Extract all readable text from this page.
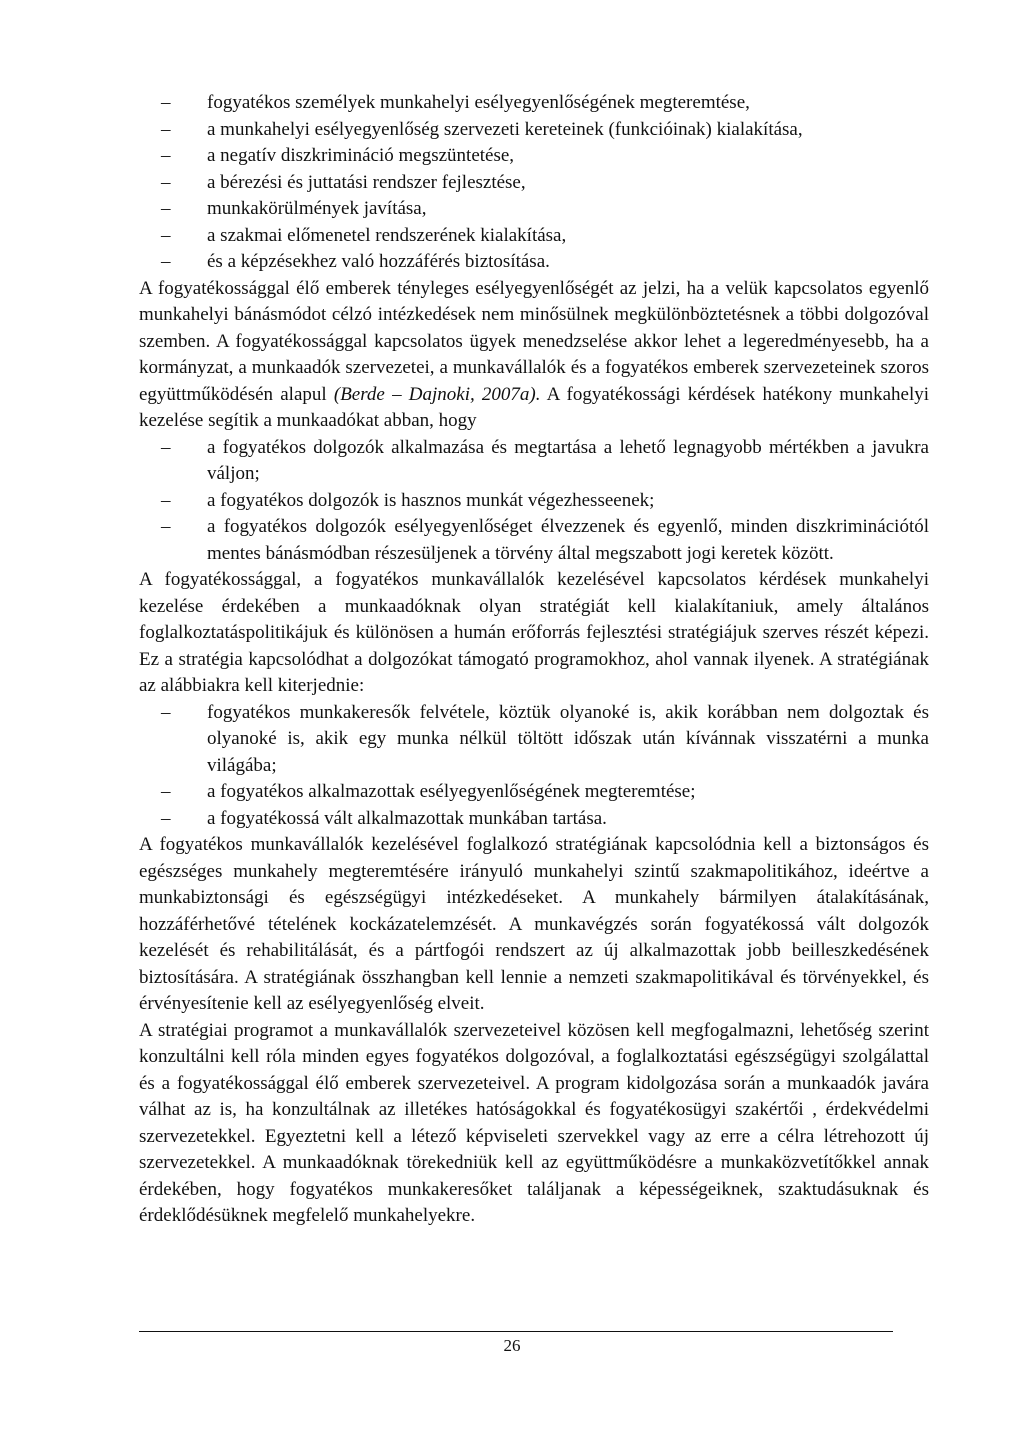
– fogyatékos személyek munkahelyi esélyegyenlőségének megteremtése,
– a munkahelyi esélyegyenlőség szervezeti kereteinek (funkcióinak) kialakítása,
– a negatív diszkrimináció megszüntetése,
– a bérezési és juttatási rendszer fejlesztése,
– munkakörülmények javítása,
– a szakmai előmenetel rendszerének kialakítása,
– és a képzésekhez való hozzáférés biztosítása.

A fogyatékossággal élő emberek tényleges esélyegyenlőségét az jelzi, ha a velük kapcsolatos egyenlő munkahelyi bánásmódot célzó intézkedések nem minősülnek megkülönböztetésnek a többi dolgozóval szemben. A fogyatékossággal kapcsolatos ügyek menedzselése akkor lehet a legeredményesebb, ha a kormányzat, a munkaadók szervezetei, a munkavállalók és a fogyatékos emberek szervezeteinek szoros együttműködésén alapul (Berde – Dajnoki, 2007a). A fogyatékossági kérdések hatékony munkahelyi kezelése segítik a munkaadókat abban, hogy

– a fogyatékos dolgozók alkalmazása és megtartása a lehető legnagyobb mértékben a javukra váljon;
– a fogyatékos dolgozók is hasznos munkát végezhesseenek;
– a fogyatékos dolgozók esélyegyenlőséget élvezzenek és egyenlő, minden diszkriminációtól mentes bánásmódban részesüljenek a törvény által megszabott jogi keretek között.

A fogyatékossággal, a fogyatékos munkavállalók kezelésével kapcsolatos kérdések munkahelyi kezelése érdekében a munkaadóknak olyan stratégiát kell kialakítaniuk, amely általános foglalkoztatáspolitikájuk és különösen a humán erőforrás fejlesztési stratégiájuk szerves részét képezi. Ez a stratégia kapcsolódhat a dolgozókat támogató programokhoz, ahol vannak ilyenek. A stratégiának az alábbiakra kell kiterjednie:

– fogyatékos munkakeresők felvétele, köztük olyanoké is, akik korábban nem dolgoztak és olyanoké is, akik egy munka nélkül töltött időszak után kívánnak visszatérni a munka világába;
– a fogyatékos alkalmazottak esélyegyenlőségének megteremtése;
– a fogyatékossá vált alkalmazottak munkában tartása.

A fogyatékos munkavállalók kezelésével foglalkozó stratégiának kapcsolódnia kell a biztonságos és egészséges munkahely megteremtésére irányuló munkahelyi szintű szakmapolitikához, ideértve a munkabiztonsági és egészségügyi intézkedéseket. A munkahely bármilyen átalakításának, hozzáférhetővé tételének kockázatelemzését. A munkavégzés során fogyatékossá vált dolgozók kezelését és rehabilitálását, és a pártfogói rendszert az új alkalmazottak jobb beilleszkedésének biztosítására. A stratégiának összhangban kell lennie a nemzeti szakmapolitikával és törvényekkel, és érvényesítenie kell az esélyegyenlőség elveit.

A stratégiai programot a munkavállalók szervezeteivel közösen kell megfogalmazni, lehetőség szerint konzultálni kell róla minden egyes fogyatékos dolgozóval, a foglalkoztatási egészségügyi szolgálattal és a fogyatékossággal élő emberek szervezeteivel. A program kidolgozása során a munkaadók javára válhat az is, ha konzultálnak az illetékes hatóságokkal és fogyatékosügyi szakértői , érdekvédelmi szervezetekkel. Egyeztetni kell a létező képviseleti szervekkel vagy az erre a célra létrehozott új szervezetekkel. A munkaadóknak törekedniük kell az együttműködésre a munkaközvetítőkkel annak érdekében, hogy fogyatékos munkakeresőket találjanak a képességeiknek, szaktudásuknak és érdeklődésüknek megfelelő munkahelyekre.

26
